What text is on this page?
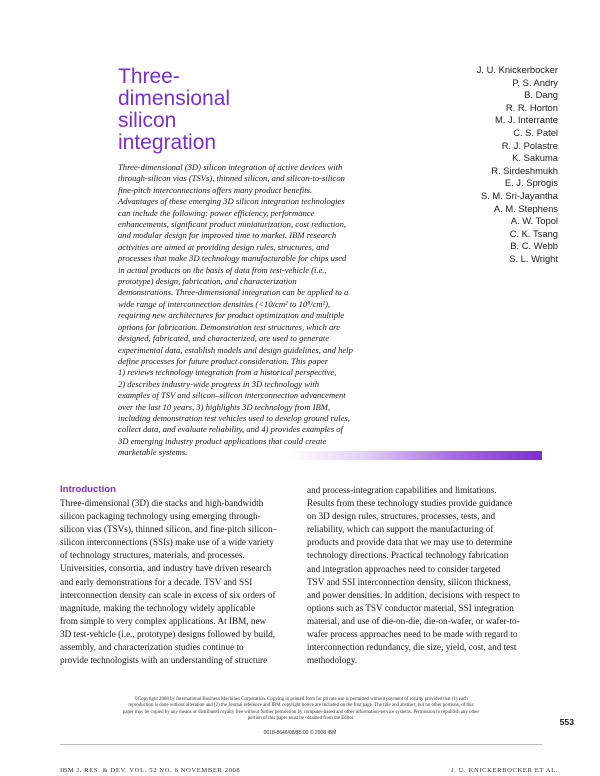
Three-
dimensional
silicon
integration
J. U. Knickerbocker
P. S. Andry
B. Dang
R. R. Horton
M. J. Interrante
C. S. Patel
R. J. Polastre
K. Sakuma
R. Sirdeshmukh
E. J. Sprogis
S. M. Sri-Jayantha
A. M. Stephens
A. W. Topol
C. K. Tsang
B. C. Webb
S. L. Wright
Three-dimensional (3D) silicon integration of active devices with
through-silicon vias (TSVs), thinned silicon, and silicon-to-silicon
fine-pitch interconnections offers many product benefits.
Advantages of these emerging 3D silicon integration technologies
can include the following: power efficiency, performance
enhancements, significant product miniaturization, cost reduction,
and modular design for improved time to market. IBM research
activities are aimed at providing design rules, structures, and
processes that make 3D technology manufacturable for chips used
in actual products on the basis of data from test-vehicle (i.e.,
prototype) design, fabrication, and characterization
demonstrations. Three-dimensional integration can be applied to a
wide range of interconnection densities (<10/cm² to 10⁸/cm²),
requiring new architectures for product optimization and multiple
options for fabrication. Demonstration test structures, which are
designed, fabricated, and characterized, are used to generate
experimental data, establish models and design guidelines, and help
define processes for future product consideration. This paper
1) reviews technology integration from a historical perspective,
2) describes industry-wide progress in 3D technology with
examples of TSV and silicon–silicon interconnection advancement
over the last 10 years, 3) highlights 3D technology from IBM,
including demonstration test vehicles used to develop ground rules,
collect data, and evaluate reliability, and 4) provides examples of
3D emerging industry product applications that could create
marketable systems.
Introduction
Three-dimensional (3D) die stacks and high-bandwidth
silicon packaging technology using emerging through-
silicon vias (TSVs), thinned silicon, and fine-pitch silicon–
silicon interconnections (SSIs) make use of a wide variety
of technology structures, materials, and processes.
Universities, consortia, and industry have driven research
and early demonstrations for a decade. TSV and SSI
interconnection density can scale in excess of six orders of
magnitude, making the technology widely applicable
from simple to very complex applications. At IBM, new
3D test-vehicle (i.e., prototype) designs followed by build,
assembly, and characterization studies continue to
provide technologists with an understanding of structure
and process-integration capabilities and limitations.
Results from these technology studies provide guidance
on 3D design rules, structures, processes, tests, and
reliability, which can support the manufacturing of
products and provide data that we may use to determine
technology directions. Practical technology fabrication
and integration approaches need to consider targeted
TSV and SSI interconnection density, silicon thickness,
and power densities. In addition, decisions with respect to
options such as TSV conductor material, SSI integration
material, and use of die-on-die, die-on-wafer, or wafer-to-
wafer process approaches need to be made with regard to
interconnection redundancy, die size, yield, cost, and test
methodology.
©Copyright 2008 by International Business Machines Corporation. Copying in printed form for private use is permitted without payment of royalty provided that (1) each
reproduction is done without alteration and (2) the Journal reference and IBM copyright notice are included on the first page. The title and abstract, but no other portions, of this
paper may be copied by any means or distributed royalty free without further permission by computer-based and other information-service systems. Permission to republish any other
portion of this paper must be obtained from the Editor.
0018-8646/08/$5.00 © 2008 IBM
553
IBM J. RES. & DEV. VOL. 52 NO. 6 NOVEMBER 2008	J. U. KNICKERBOCKER ET AL.
